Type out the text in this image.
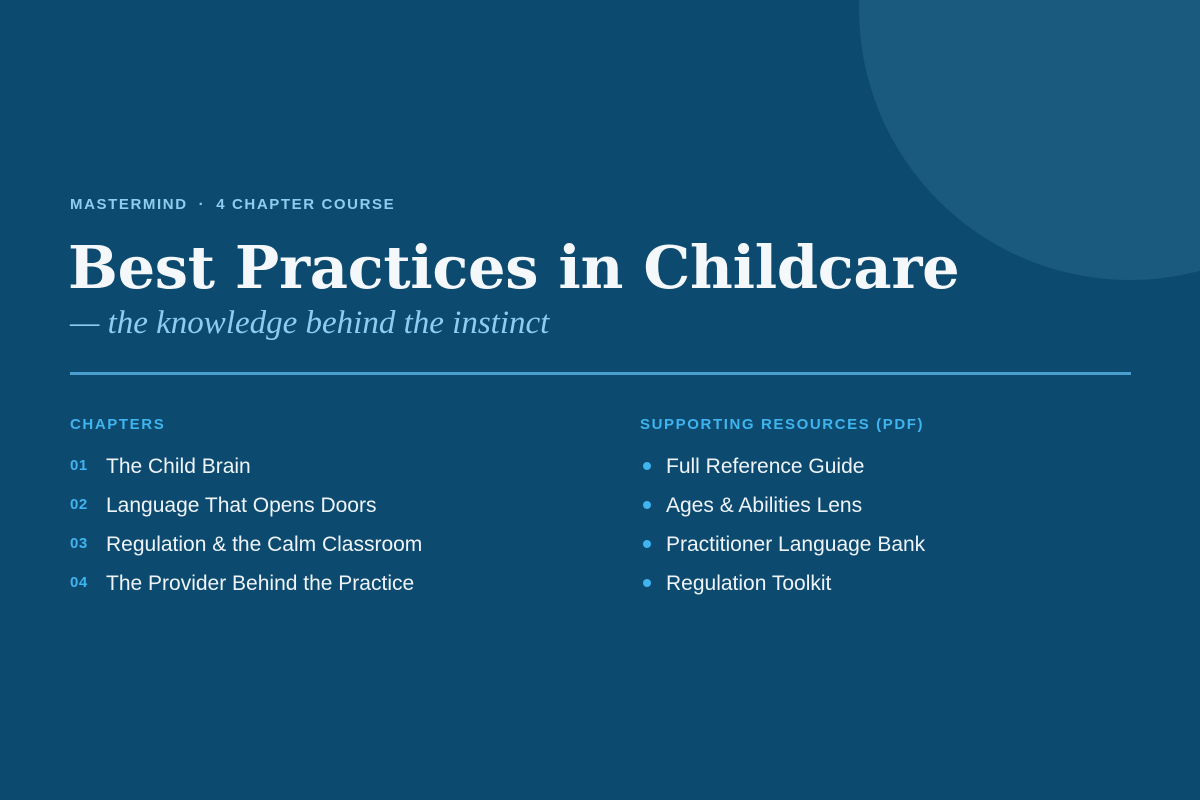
MASTERMIND · 4 CHAPTER COURSE
Best Practices in Childcare

— the knowledge behind the instinct

CHAPTERS
01 The Child Brain
02 Language That Opens Doors
03 Regulation & the Calm Classroom
04 The Provider Behind the Practice
SUPPORTING RESOURCES (PDF)
Full Reference Guide
Ages & Abilities Lens
Practitioner Language Bank
Regulation Toolkit
